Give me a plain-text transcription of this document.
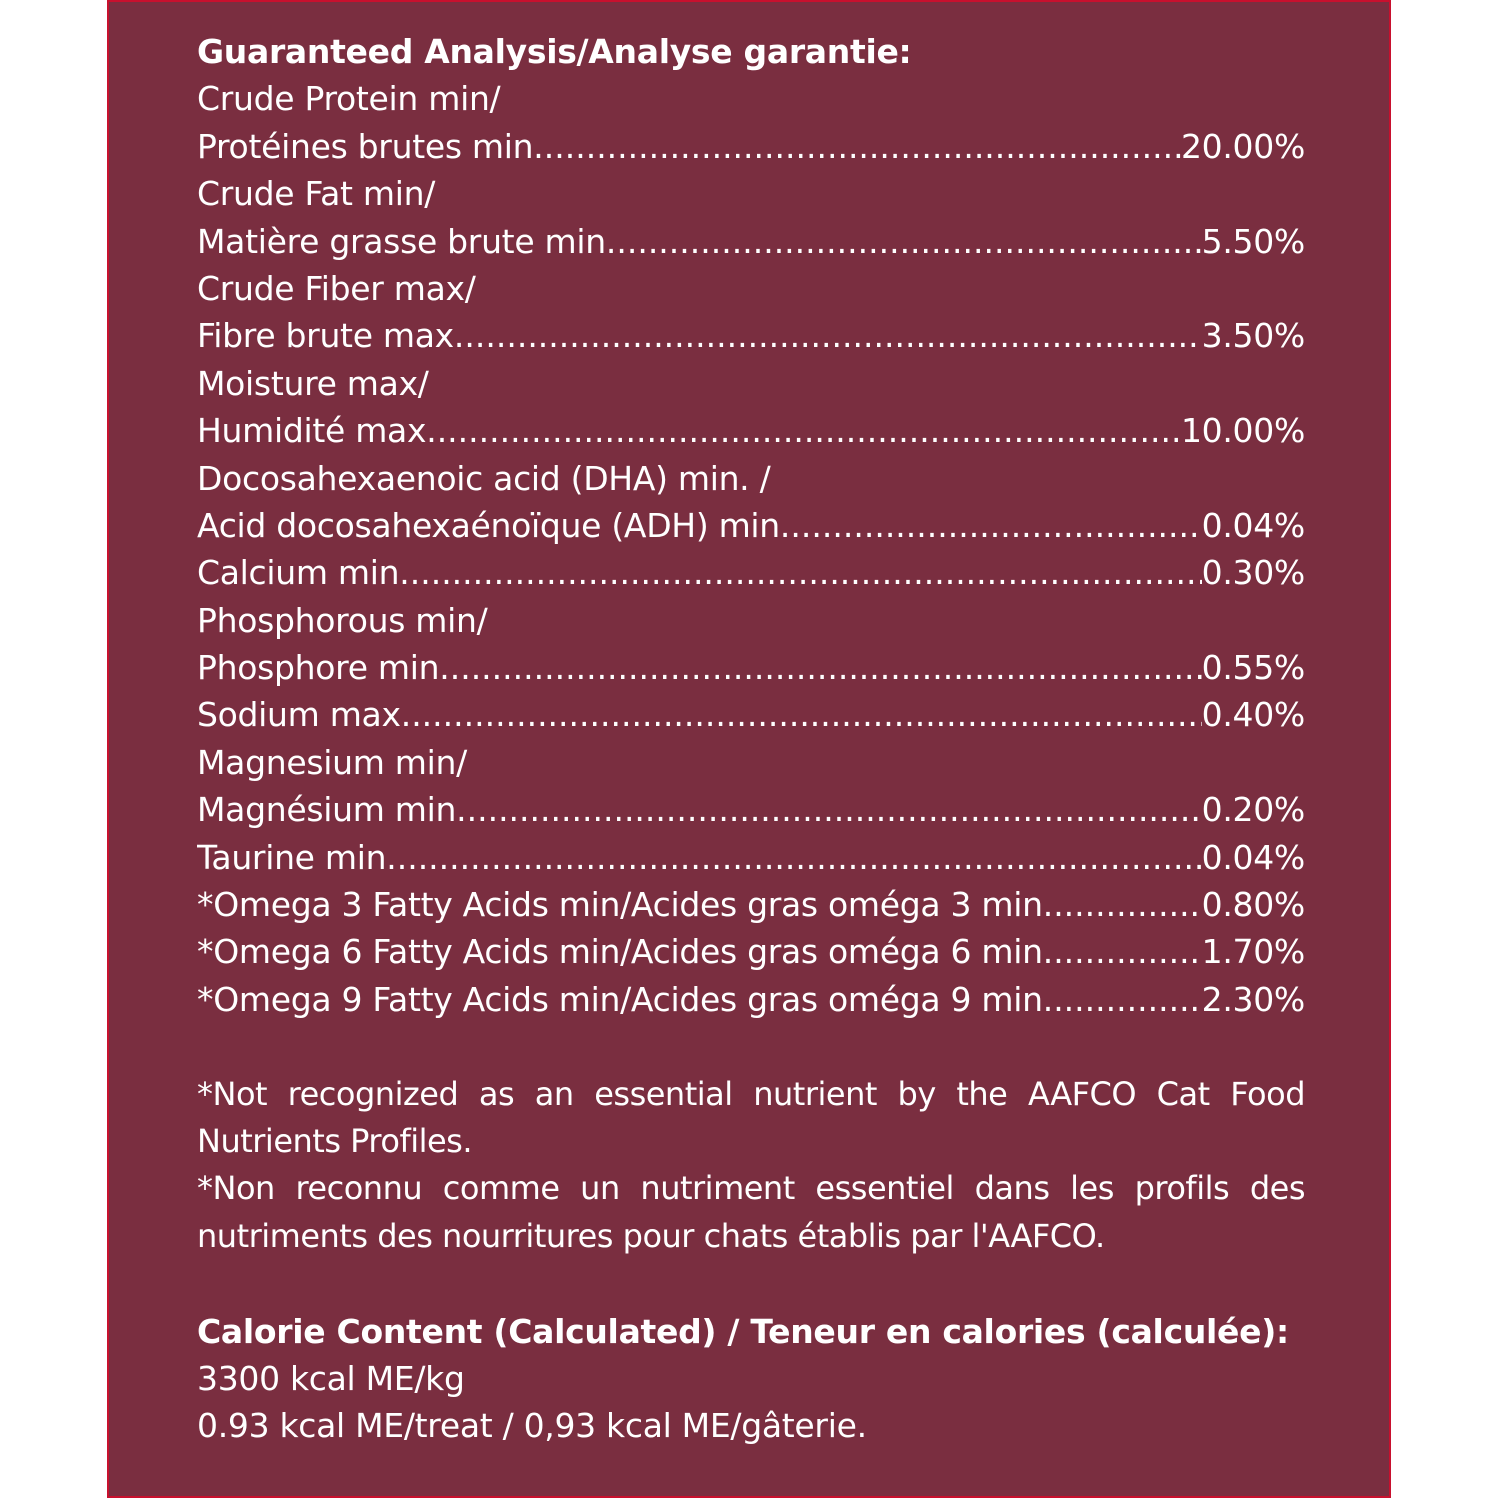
Guaranteed Analysis/Analyse garantie:
Crude Protein min/
Protéines brutes min .....	20.00%
Crude Fat min/
Matière grasse brute min .....	5.50%
Crude Fiber max/
Fibre brute max .....	3.50%
Moisture max/
Humidité max .....	10.00%
Docosahexaenoic acid (DHA) min. /
Acid docosahexaénoïque (ADH) min .....	0.04%
Calcium min .....	0.30%
Phosphorous min/
Phosphore min .....	0.55%
Sodium max .....	0.40%
Magnesium min/
Magnésium min .....	0.20%
Taurine min .....	0.04%
*Omega 3 Fatty Acids min/Acides gras oméga 3 min .....	0.80%
*Omega 6 Fatty Acids min/Acides gras oméga 6 min .....	1.70%
*Omega 9 Fatty Acids min/Acides gras oméga 9 min .....	2.30%
*Not recognized as an essential nutrient by the AAFCO Cat Food Nutrients Profiles.
*Non reconnu comme un nutriment essentiel dans les profils des nutriments des nourritures pour chats établis par l'AAFCO.
Calorie Content (Calculated) / Teneur en calories (calculée):
3300 kcal ME/kg
0.93 kcal ME/treat / 0,93 kcal ME/gâterie.
